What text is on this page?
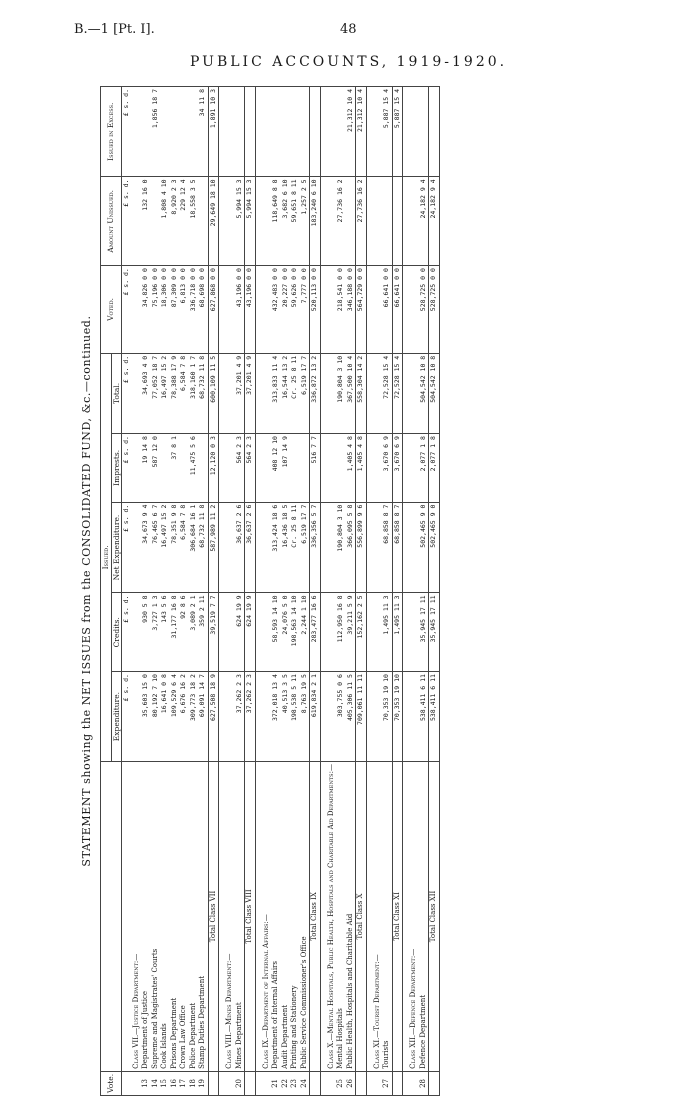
B.—1 [Pt. I].	48
PUBLIC ACCOUNTS, 1919-1920.
STATEMENT showing the NET ISSUES from the CONSOLIDATED FUND, &c.—continued.
Vote.		Issued.					Voted.	Amount Unissued.	Issued in Excess.
		Expenditure.	Credits.	Net Expenditure.	Imprests.	Total.			
		£ s. d.	£ s. d.	£ s. d.	£ s. d.	£ s. d.	£ s. d.	£ s. d.	£ s. d.
	Class VII.—Justice Department:—								
13	Department of Justice	35,603 15 0	930 5 8	34,673 9 4	19 14 8	34,693 4 0	34,826 0 0	132 16 0	
14	Supreme and Magistrates' Courts	80,192 7 10	3,727 1 3	76,465 6 7	587 12 0	77,052 18 7	75,196 0 0		1,856 18 7
15	Cook Islands	16,641 0 8	143 5 6	16,497 15 2		16,497 15 2	18,306 0 0	1,808 4 10	
16	Prisons Department	109,529 6 4	31,177 16 8	78,351 9 8	37 8 1	78,388 17 9	87,309 0 0	8,920 2 3	
17	Crown Law Office	6,676 16 2	92 8 6	6,584 7 8		6,584 7 8	6,813 0 0	229 12 4	
18	Police Department	309,773 18 2	3,089 2 1	306,684 16 1	11,475 5 6	318,160 1 7	336,718 0 0	18,558 3 5	
19	Stamp Duties Department	69,091 14 7	359 2 11	68,732 11 8		68,732 11 8	68,698 0 0		34 11 8
	Total Class VII	627,508 18 9	39,519 7 7	587,989 11 2	12,120 0 3	600,109 11 5	627,868 0 0	29,649 18 10	1,891 10 3

	Class VIII.—Mines Department:—								
20	Mines Department	37,262 2 3	624 19 9	36,637 2 6	564 2 3	37,201 4 9	43,196 0 0	5,994 15 3	
	Total Class VIII	37,262 2 3	624 19 9	36,637 2 6	564 2 3	37,201 4 9	43,196 0 0	5,994 15 3	

	Class IX.—Department of Internal Affairs:—								
21	Department of Internal Affairs	372,018 13 4	58,593 14 10	313,424 18 6	408 12 10	313,833 11 4	432,483 0 0	118,649 8 8	
22	Audit Department	40,513 3 5	24,076 5 0	16,436 18 5	107 14 9	16,544 13 2	20,227 0 0	3,682 6 10	
23	Printing and Stationery	198,538 5 11	198,563 14 10	Cr. 25 8 11		Cr. 25 8 11	59,626 0 0	59,651 8 11	
24	Public Service Commissioner's Office	8,763 19 5	2,244 1 10	6,519 17 7		6,519 17 7	7,777 0 0	1,257 2 5	
	Total Class IX	619,834 2 1	283,477 16 6	336,356 5 7	516 7 7	336,872 13 2	520,113 0 0	183,240 6 10	

	Class X.—Mental Hospitals, Public Health, Hospitals and Charitable Aid Departments:—								
25	Mental Hospitals	303,755 0 6	112,950 16 8	190,804 3 10		190,804 3 10	218,541 0 0	27,736 16 2	
26	Public Health, Hospitals and Charitable Aid	405,306 11 5	39,211 5 9	366,095 5 8	1,405 4 8	367,500 10 4	346,188 0 0		21,312 10 4
	Total Class X	709,061 11 11	152,162 2 5	556,899 9 6	1,405 4 8	558,304 14 2	564,729 0 0	27,736 16 2	21,312 10 4

	Class XI.—Tourist Department:—								
27	Tourists	70,353 19 10	1,495 11 3	68,858 8 7	3,670 6 9	72,528 15 4	66,641 0 0		5,887 15 4
	Total Class XI	70,353 19 10	1,495 11 3	68,858 8 7	3,670 6 9	72,528 15 4	66,641 0 0		5,887 15 4

	Class XII.—Defence Department:—								
28	Defence Department	538,411 6 11	35,945 17 11	502,465 9 0	2,077 1 8	504,542 10 8	528,725 0 0	24,182 9 4	
	Total Class XII	538,411 6 11	35,945 17 11	502,465 9 0	2,077 1 8	504,542 10 8	528,725 0 0	24,182 9 4	
